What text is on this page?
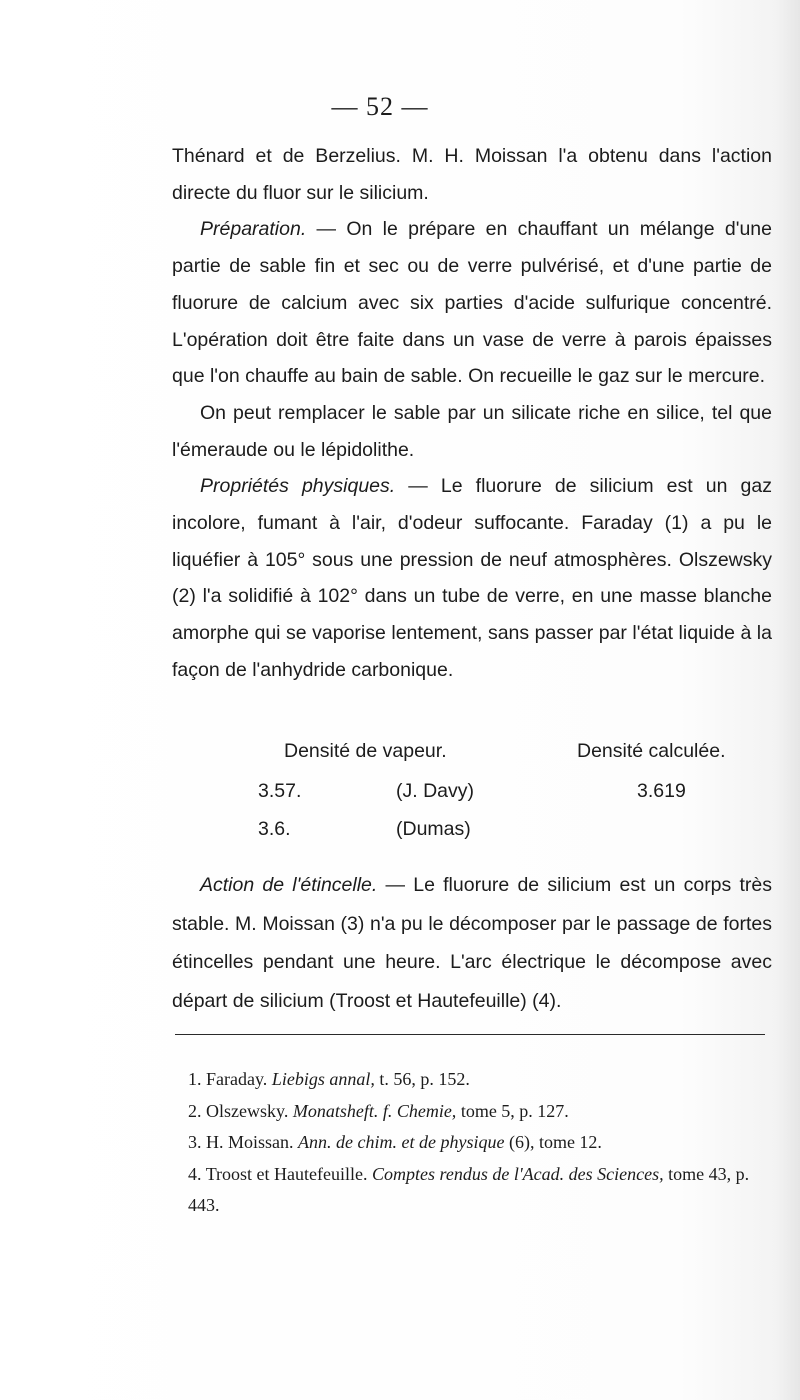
— 52 —

Thénard et de Berzelius. M. H. Moissan l'a obtenu dans l'action directe du fluor sur le silicium.

Préparation. — On le prépare en chauffant un mélange d'une partie de sable fin et sec ou de verre pulvérisé, et d'une partie de fluorure de calcium avec six parties d'acide sulfurique concentré. L'opération doit être faite dans un vase de verre à parois épaisses que l'on chauffe au bain de sable. On recueille le gaz sur le mercure.

On peut remplacer le sable par un silicate riche en silice, tel que l'émeraude ou le lépidolithe.

Propriétés physiques. — Le fluorure de silicium est un gaz incolore, fumant à l'air, d'odeur suffocante. Faraday (1) a pu le liquéfier à 105° sous une pression de neuf atmosphères. Olszewsky (2) l'a solidifié à 102° dans un tube de verre, en une masse blanche amorphe qui se vaporise lentement, sans passer par l'état liquide à la façon de l'anhydride carbonique.

Densité de vapeur.	Densité calculée.
3.57.	(J. Davy)	3.619
3.6.	(Dumas)

Action de l'étincelle. — Le fluorure de silicium est un corps très stable. M. Moissan (3) n'a pu le décomposer par le passage de fortes étincelles pendant une heure. L'arc électrique le décompose avec départ de silicium (Troost et Hautefeuille) (4).

1. Faraday. Liebigs annal, t. 56, p. 152.

2. Olszewsky. Monatsheft. f. Chemie, tome 5, p. 127.

3. H. Moissan. Ann. de chim. et de physique (6), tome 12.

4. Troost et Hautefeuille. Comptes rendus de l'Acad. des Sciences, tome 43, p. 443.
